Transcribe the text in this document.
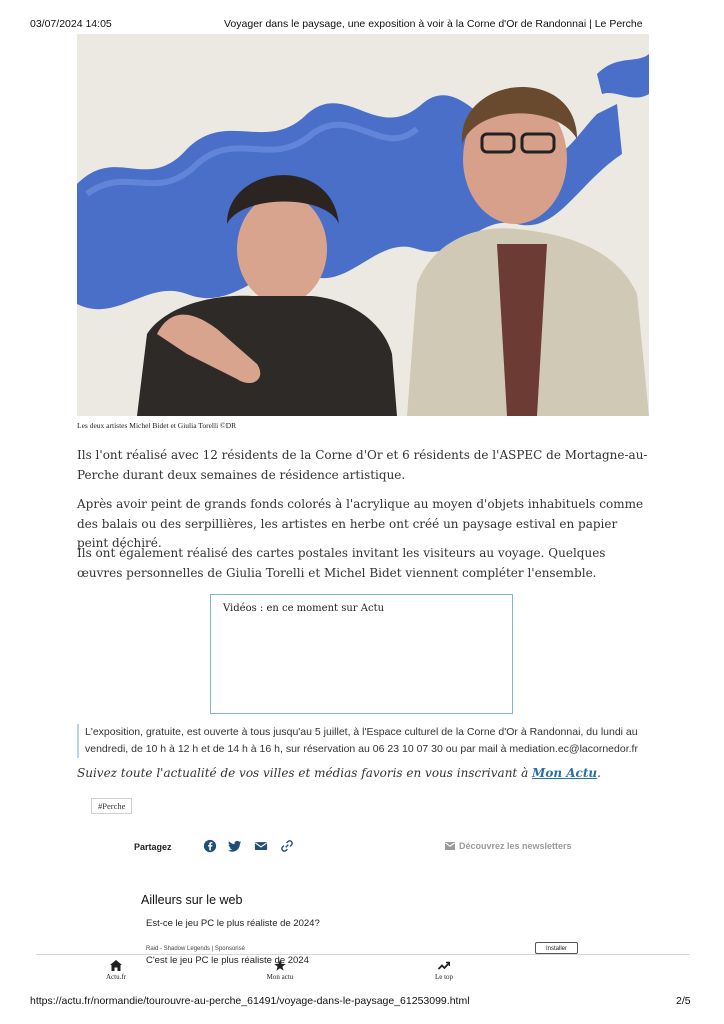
03/07/2024 14:05	Voyager dans le paysage, une exposition à voir à la Corne d'Or de Randonnai | Le Perche
Les deux artistes Michel Bidet et Giulia Torelli ©DR

Ils l'ont réalisé avec 12 résidents de la Corne d'Or et 6 résidents de l'ASPEC de Mortagne-au-Perche durant deux semaines de résidence artistique.

Après avoir peint de grands fonds colorés à l'acrylique au moyen d'objets inhabituels comme des balais ou des serpillières, les artistes en herbe ont créé un paysage estival en papier peint déchiré.

Ils ont également réalisé des cartes postales invitant les visiteurs au voyage. Quelques œuvres personnelles de Giulia Torelli et Michel Bidet viennent compléter l'ensemble.

Vidéos : en ce moment sur Actu
L'exposition, gratuite, est ouverte à tous jusqu'au 5 juillet, à l'Espace culturel de la Corne d'Or à Randonnai, du lundi au vendredi, de 10 h à 12 h et de 14 h à 16 h, sur réservation au 06 23 10 07 30 ou par mail à mediation.ec@lacornedor.fr
Suivez toute l'actualité de vos villes et médias favoris en vous inscrivant à Mon Actu.
#Perche
Partagez	Découvrez les newsletters
Ailleurs sur le web
Est-ce le jeu PC le plus réaliste de 2024?
Raid - Shadow Legends | Sponsorisé	Installer
Actu.fr	Mon actu	Le top
C'est le jeu PC le plus réaliste de 2024
https://actu.fr/normandie/tourouvre-au-perche_61491/voyage-dans-le-paysage_61253099.html	2/5
